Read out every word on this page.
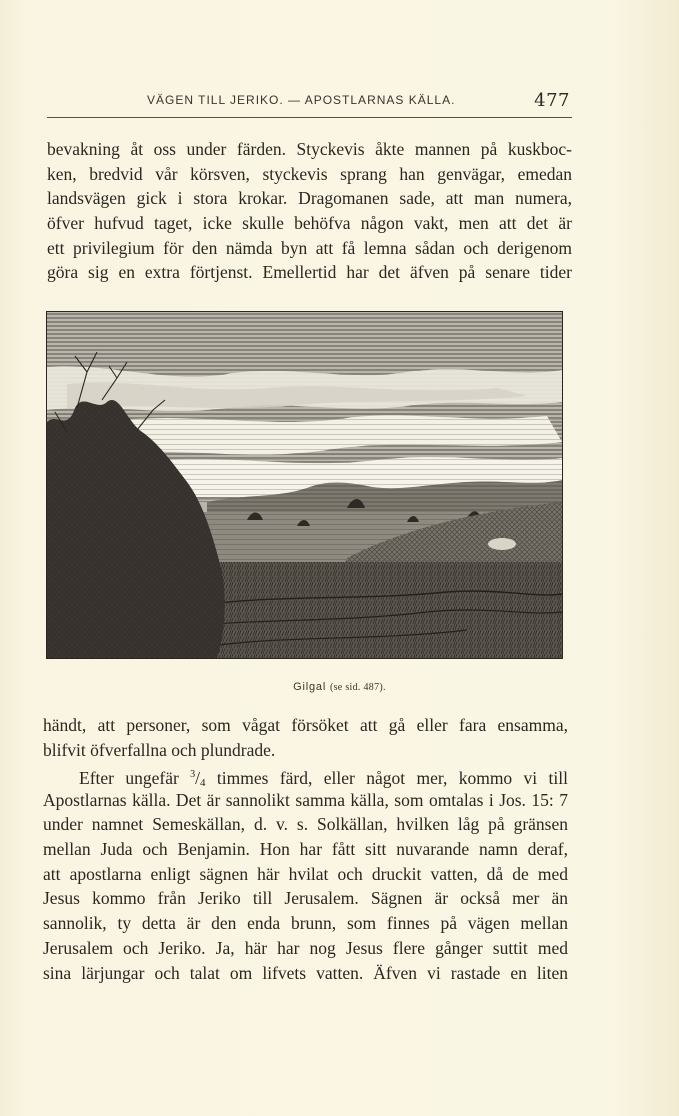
VÄGEN TILL JERIKO. — APOSTLARNAS KÄLLA.	477
bevakning åt oss under färden. Styckevis åkte mannen på kuskboc-
ken, bredvid vår körsven, styckevis sprang han genvägar, emedan
landsvägen gick i stora krokar. Dragomanen sade, att man numera,
öfver hufvud taget, icke skulle behöfva någon vakt, men att det är
ett privilegium för den nämda byn att få lemna sådan och derigenom
göra sig en extra förtjenst. Emellertid har det äfven på senare tider
Gilgal (se sid. 487).
händt, att personer, som vågat försöket att gå eller fara ensamma,
blifvit öfverfallna och plundrade.
Efter ungefär $^3$/4 timmes färd, eller något mer, kommo vi till
Apostlarnas källa. Det är sannolikt samma källa, som omtalas i Jos. 15: 7
under namnet Semeskällan, d. v. s. Solkällan, hvilken låg på gränsen
mellan Juda och Benjamin. Hon har fått sitt nuvarande namn deraf,
att apostlarna enligt sägnen här hvilat och druckit vatten, då de med
Jesus kommo från Jeriko till Jerusalem. Sägnen är också mer än
sannolik, ty detta är den enda brunn, som finnes på vägen mellan
Jerusalem och Jeriko. Ja, här har nog Jesus flere gånger suttit med
sina lärjungar och talat om lifvets vatten. Äfven vi rastade en liten
